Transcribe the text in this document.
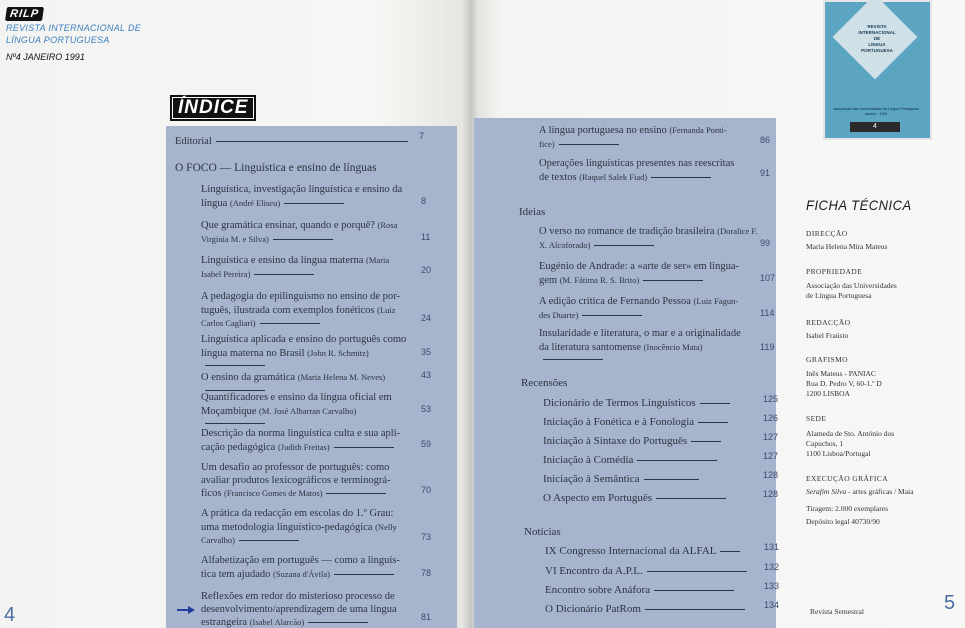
RILP
REVISTA INTERNACIONAL DE
LÍNGUA PORTUGUESA
Nº4 JANEIRO 1991
ÍNDICE
Editorial	7
O FOCO — Linguística e ensino de línguas
Linguística, investigação linguística e ensino da
língua (André Eliseu)	8
Que gramática ensinar, quando e porquê? (Rosa
Virgínia M. e Silva)	11
Linguística e ensino da língua materna (Maria
Isabel Pereira)	20
A pedagogia do epilinguismo no ensino de por-
tuguês, ilustrada com exemplos fonéticos (Luiz Carlos Cagliari)	24
Linguística aplicada e ensino do português como
língua materna no Brasil (John R. Schmitz)	35
O ensino da gramática (Maria Helena M. Neves)	43
Quantificadores e ensino da língua oficial em
Moçambique (M. José Albarran Carvalho)	53
Descrição da norma linguística culta e sua apli-
cação pedagógica (Judith Freitas)	59
Um desafio ao professor de português: como
avaliar produtos lexicográficos e terminográ-
ficos (Francisco Gomes de Matos)	70
A prática da redacção em escolas do 1.º Grau:
uma metodologia linguístico-pedagógica (Nelly Carvalho)	73
Alfabetização em português — como a linguís-
tica tem ajudado (Suzana d'Ávila)	78
Reflexões em redor do misterioso processo de
desenvolvimento/aprendizagem de uma língua
estrangeira (Isabel Alarcão)	81
A língua portuguesa no ensino (Fernanda Ponti-
fice)	86
Operações linguísticas presentes nas reescritas
de textos (Raquel Salek Fiad)	91
O verso no romance de tradição brasileira (Doralice F. X. Alcoforado)	99
Eugénio de Andrade: a «arte de ser» em lingua-
gem (M. Fátima R. S. Brito)	107
A edição crítica de Fernando Pessoa (Luiz Fagun-
des Duarte)	114
Insularidade e literatura, o mar e a originalidade
da literatura santomense (Inocêncio Mata)	119
Dicionário de Termos Linguísticos	125
Iniciação à Fonética e à Fonologia	126
Iniciação à Sintaxe do Português	127
Iniciação à Comédia	127
Iniciação à Semântica	128
O Aspecto em Português	128
IX Congresso Internacional da ALFAL	131
VI Encontro da A.P.L.	132
Encontro sobre Anáfora	133
O Dicionário PatRom	134
Ideias
Recensões
Notícias
4
5
REVISTA
INTERNACIONAL
DE
LÍNGUA
PORTUGUESA
Associação das Universidades de Língua Portuguesa
Janeiro · 1991
4
FICHA TÉCNICA
DIRECÇÃO
Maria Helena Mira Mateus
PROPRIEDADE
Associação das Universidades
de Língua Portuguesa
REDACÇÃO
Isabel Fraústo
GRAFISMO
Inês Mateus - PANIAC
Rua D. Pedro V, 60-1.º D
1200 LISBOA
SEDE
Alameda de Sto. António dos
Capuchos, 1
1100 Lisboa/Portugal
EXECUÇÃO GRÁFICA
Serafim Silva - artes gráficas / Maia
Tiragem: 2.000 exemplares
Depósito legal 40730/90
Revista Semestral
